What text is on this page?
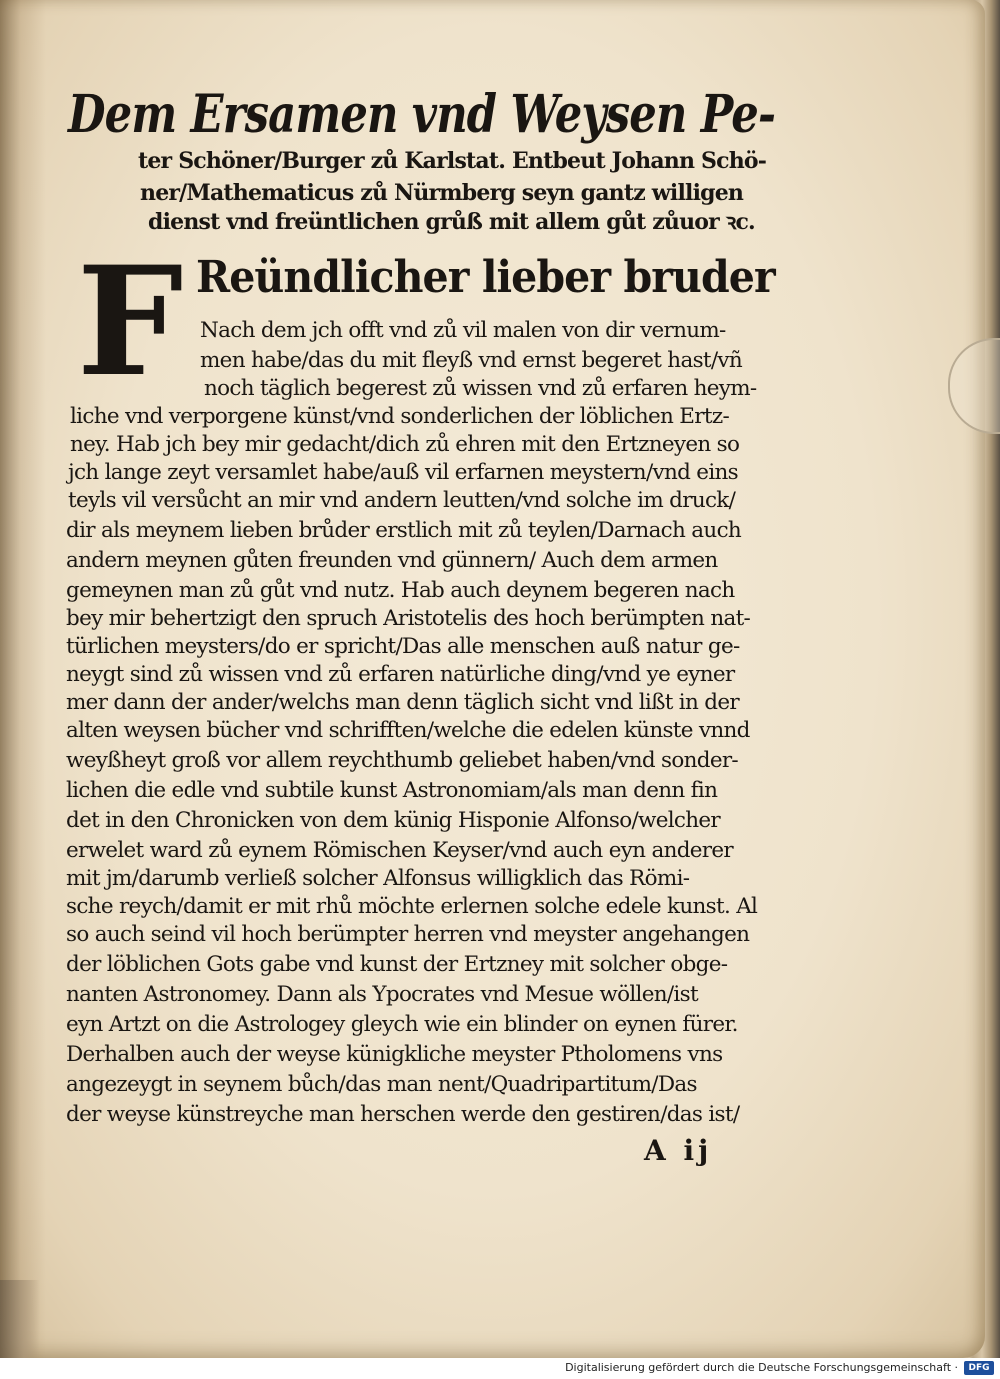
Dem Ersamen vnd Weysen Pe-
ter Schöner/Burger zů Karlstat. Entbeut Johann Schö-
ner/Mathematicus zů Nürmberg seyn gantz willigen
dienst vnd freüntlichen grůß mit allem gůt zůuor ꝛc.
F Reündlicher lieber bruder
Nach dem jch offt vnd zů vil malen von dir vernum-
men habe/das du mit fleyß vnd ernst begeret hast/vñ
noch täglich begerest zů wissen vnd zů erfaren heym-
liche vnd verporgene künst/vnd sonderlichen der löblichen Ertz-
ney. Hab jch bey mir gedacht/dich zů ehren mit den Ertzneyen so
jch lange zeyt versamlet habe/auß vil erfarnen meystern/vnd eins
teyls vil versůcht an mir vnd andern leutten/vnd solche im druck/
dir als meynem lieben brůder erstlich mit zů teylen/Darnach auch
andern meynen gůten freunden vnd günnern/ Auch dem armen
gemeynen man zů gůt vnd nutz. Hab auch deynem begeren nach
bey mir behertzigt den spruch Aristotelis des hoch berümpten nat-
türlichen meysters/do er spricht/Das alle menschen auß natur ge-
neygt sind zů wissen vnd zů erfaren natürliche ding/vnd ye eyner
mer dann der ander/welchs man denn täglich sicht vnd lißt in der
alten weysen bücher vnd schrifften/welche die edelen künste vnnd
weyßheyt groß vor allem reychthumb geliebet haben/vnd sonder-
lichen die edle vnd subtile kunst Astronomiam/als man denn fin
det in den Chronicken von dem künig Hisponie Alfonso/welcher
erwelet ward zů eynem Römischen Keyser/vnd auch eyn anderer
mit jm/darumb verließ solcher Alfonsus willigklich das Römi-
sche reych/damit er mit rhů möchte erlernen solche edele kunst. Al
so auch seind vil hoch berümpter herren vnd meyster angehangen
der löblichen Gots gabe vnd kunst der Ertzney mit solcher obge-
nanten Astronomey. Dann als Ypocrates vnd Mesue wöllen/ist
eyn Artzt on die Astrologey gleych wie ein blinder on eynen fürer.
Derhalben auch der weyse künigkliche meyster Ptholomens vns
angezeygt in seynem bůch/das man nent/Quadripartitum/Das
der weyse künstreyche man herschen werde den gestiren/das ist/
A ij
Digitalisierung gefördert durch die Deutsche Forschungsgemeinschaft ·	DFG
